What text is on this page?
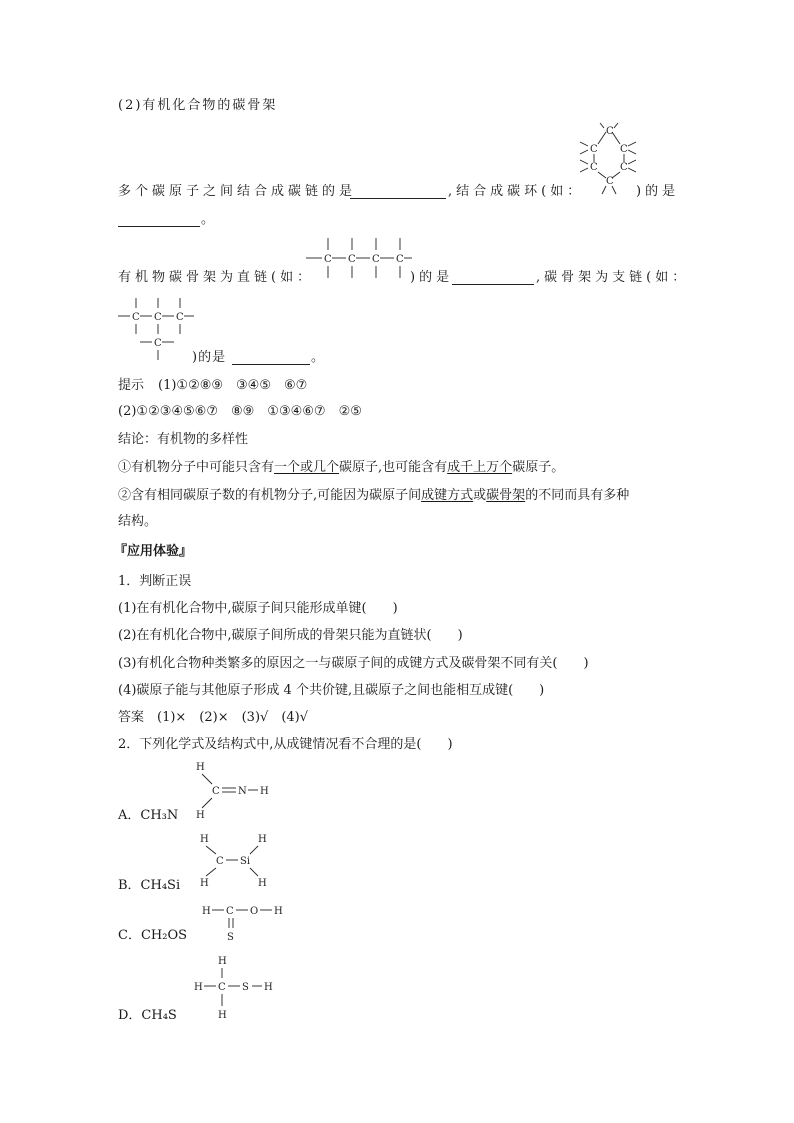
(2)有机化合物的碳骨架
C
C
C
C
C
C
多个碳原子之间结合成碳链的是	,结合成碳环(如：	)的是
。
C C C C
有机物碳骨架为直链(如：	)的是	,碳骨架为支链(如：
C C C
C
)的是	。
提示 (1)①②⑧⑨　③④⑤　⑥⑦
(2)①②③④⑤⑥⑦　⑧⑨　①③④⑥⑦　②⑤
结论：有机物的多样性
①有机物分子中可能只含有一个或几个碳原子,也可能含有成千上万个碳原子。
②含有相同碳原子数的有机物分子,可能因为碳原子间成键方式或碳骨架的不同而具有多种
结构。
『应用体验』
1．判断正误
(1)在有机化合物中,碳原子间只能形成单键(　　)
(2)在有机化合物中,碳原子间所成的骨架只能为直链状(　　)
(3)有机化合物种类繁多的原因之一与碳原子间的成键方式及碳骨架不同有关(　　)
(4)碳原子能与其他原子形成 4 个共价键,且碳原子之间也能相互成键(　　)
答案　(1)×　(2)×　(3)√　(4)√
2．下列化学式及结构式中,从成键情况看不合理的是(　　)
H
C N H
H
A．CH₃N
H
C Si
H
H	H
B．CH₄Si
H C O H
S
C．CH₂OS
H
H C S H
H
D．CH₄S
